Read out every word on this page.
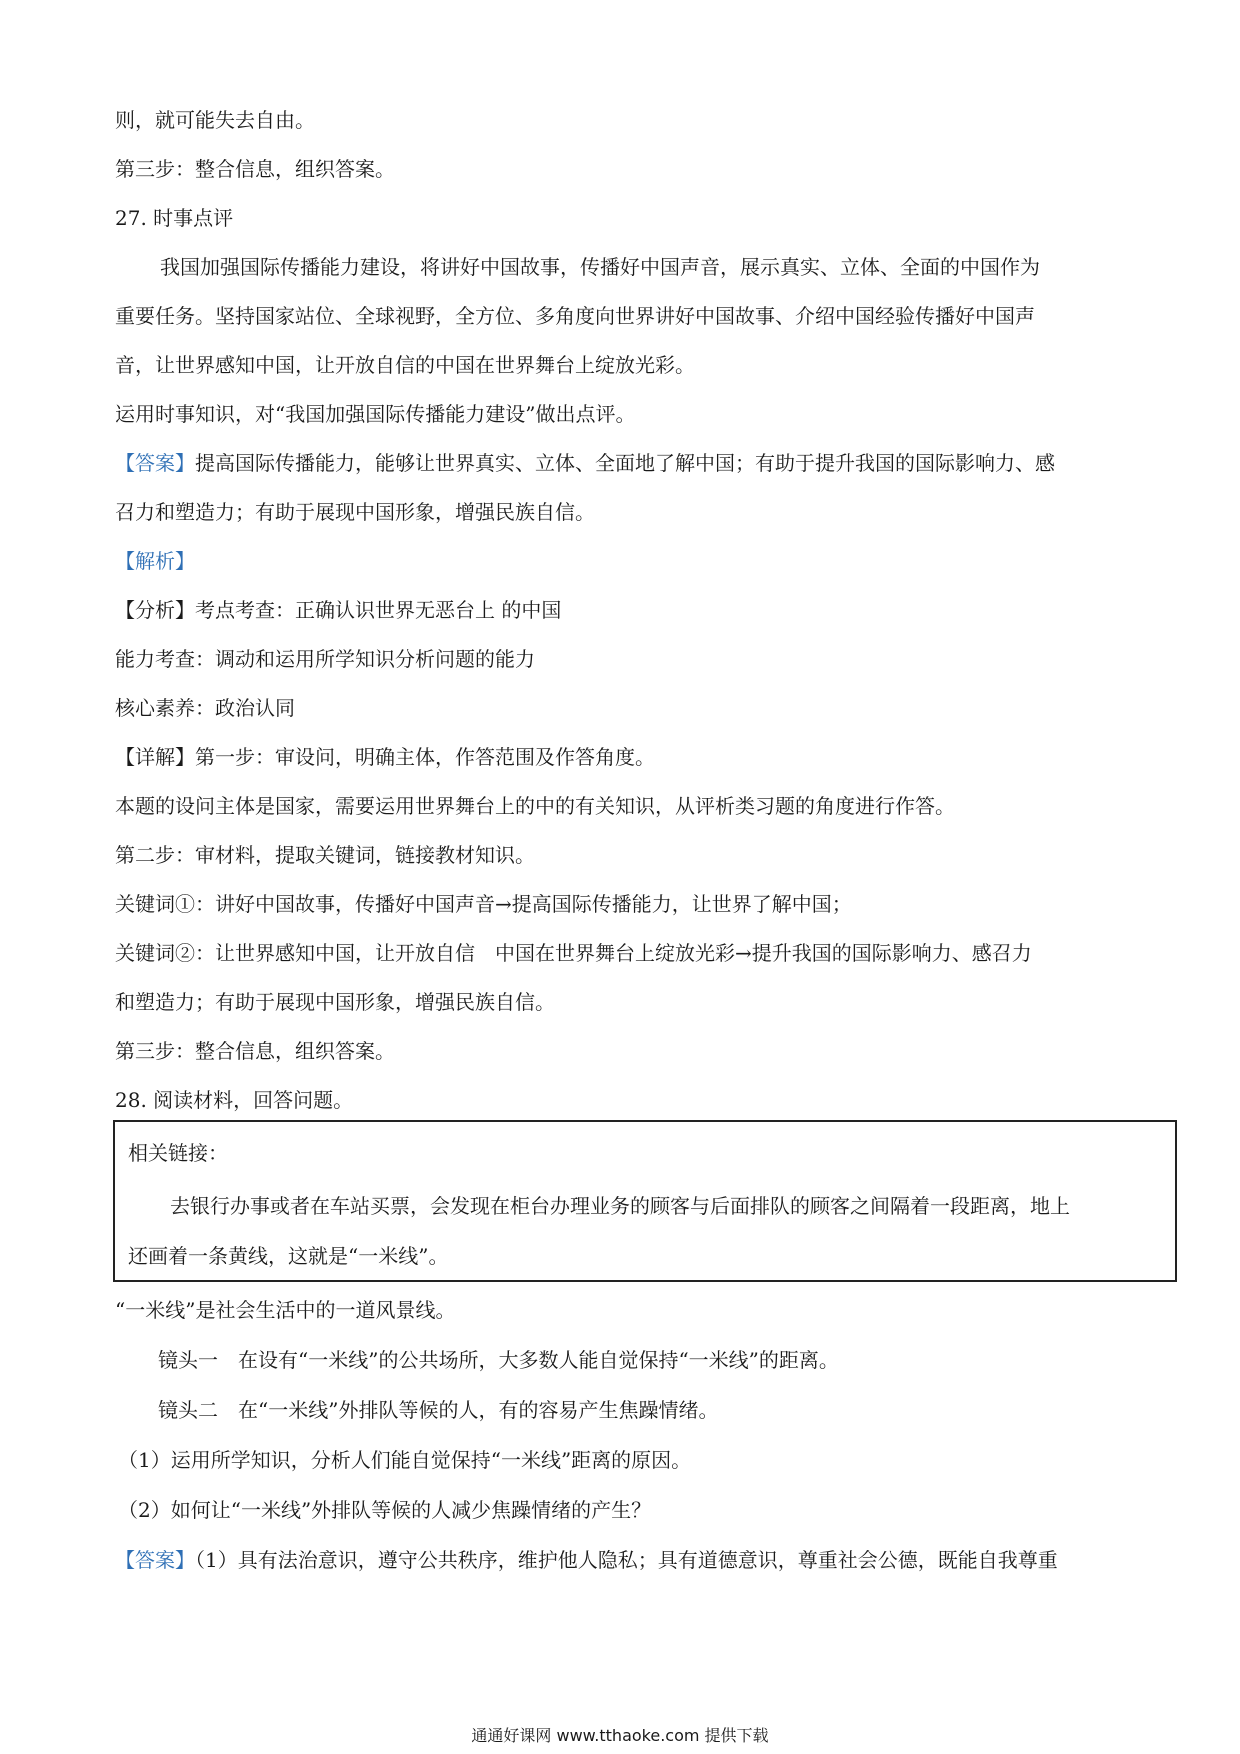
则，就可能失去自由。
第三步：整合信息，组织答案。
27. 时事点评
我国加强国际传播能力建设，将讲好中国故事，传播好中国声音，展示真实、立体、全面的中国作为
重要任务。坚持国家站位、全球视野，全方位、多角度向世界讲好中国故事、介绍中国经验传播好中国声
音，让世界感知中国，让开放自信的中国在世界舞台上绽放光彩。
运用时事知识，对“我国加强国际传播能力建设”做出点评。
【答案】提高国际传播能力，能够让世界真实、立体、全面地了解中国；有助于提升我国的国际影响力、感
召力和塑造力；有助于展现中国形象，增强民族自信。
【解析】
【分析】考点考查：正确认识世界无恶台上 的中国
能力考查：调动和运用所学知识分析问题的能力
核心素养：政治认同
【详解】第一步：审设问，明确主体，作答范围及作答角度。
本题的设问主体是国家，需要运用世界舞台上的中的有关知识，从评析类习题的角度进行作答。
第二步：审材料，提取关键词，链接教材知识。
关键词①：讲好中国故事，传播好中国声音→提高国际传播能力，让世界了解中国；
关键词②：让世界感知中国，让开放自信　中国在世界舞台上绽放光彩→提升我国的国际影响力、感召力
和塑造力；有助于展现中国形象，增强民族自信。
第三步：整合信息，组织答案。
28. 阅读材料，回答问题。
相关链接：
去银行办事或者在车站买票，会发现在柜台办理业务的顾客与后面排队的顾客之间隔着一段距离，地上
还画着一条黄线，这就是“一米线”。
“一米线”是社会生活中的一道风景线。
镜头一　在设有“一米线”的公共场所，大多数人能自觉保持“一米线”的距离。
镜头二　在“一米线”外排队等候的人，有的容易产生焦躁情绪。
（1）运用所学知识，分析人们能自觉保持“一米线”距离的原因。
（2）如何让“一米线”外排队等候的人减少焦躁情绪的产生？
【答案】（1）具有法治意识，遵守公共秩序，维护他人隐私；具有道德意识，尊重社会公德，既能自我尊重
通通好课网 www.tthaoke.com 提供下载
